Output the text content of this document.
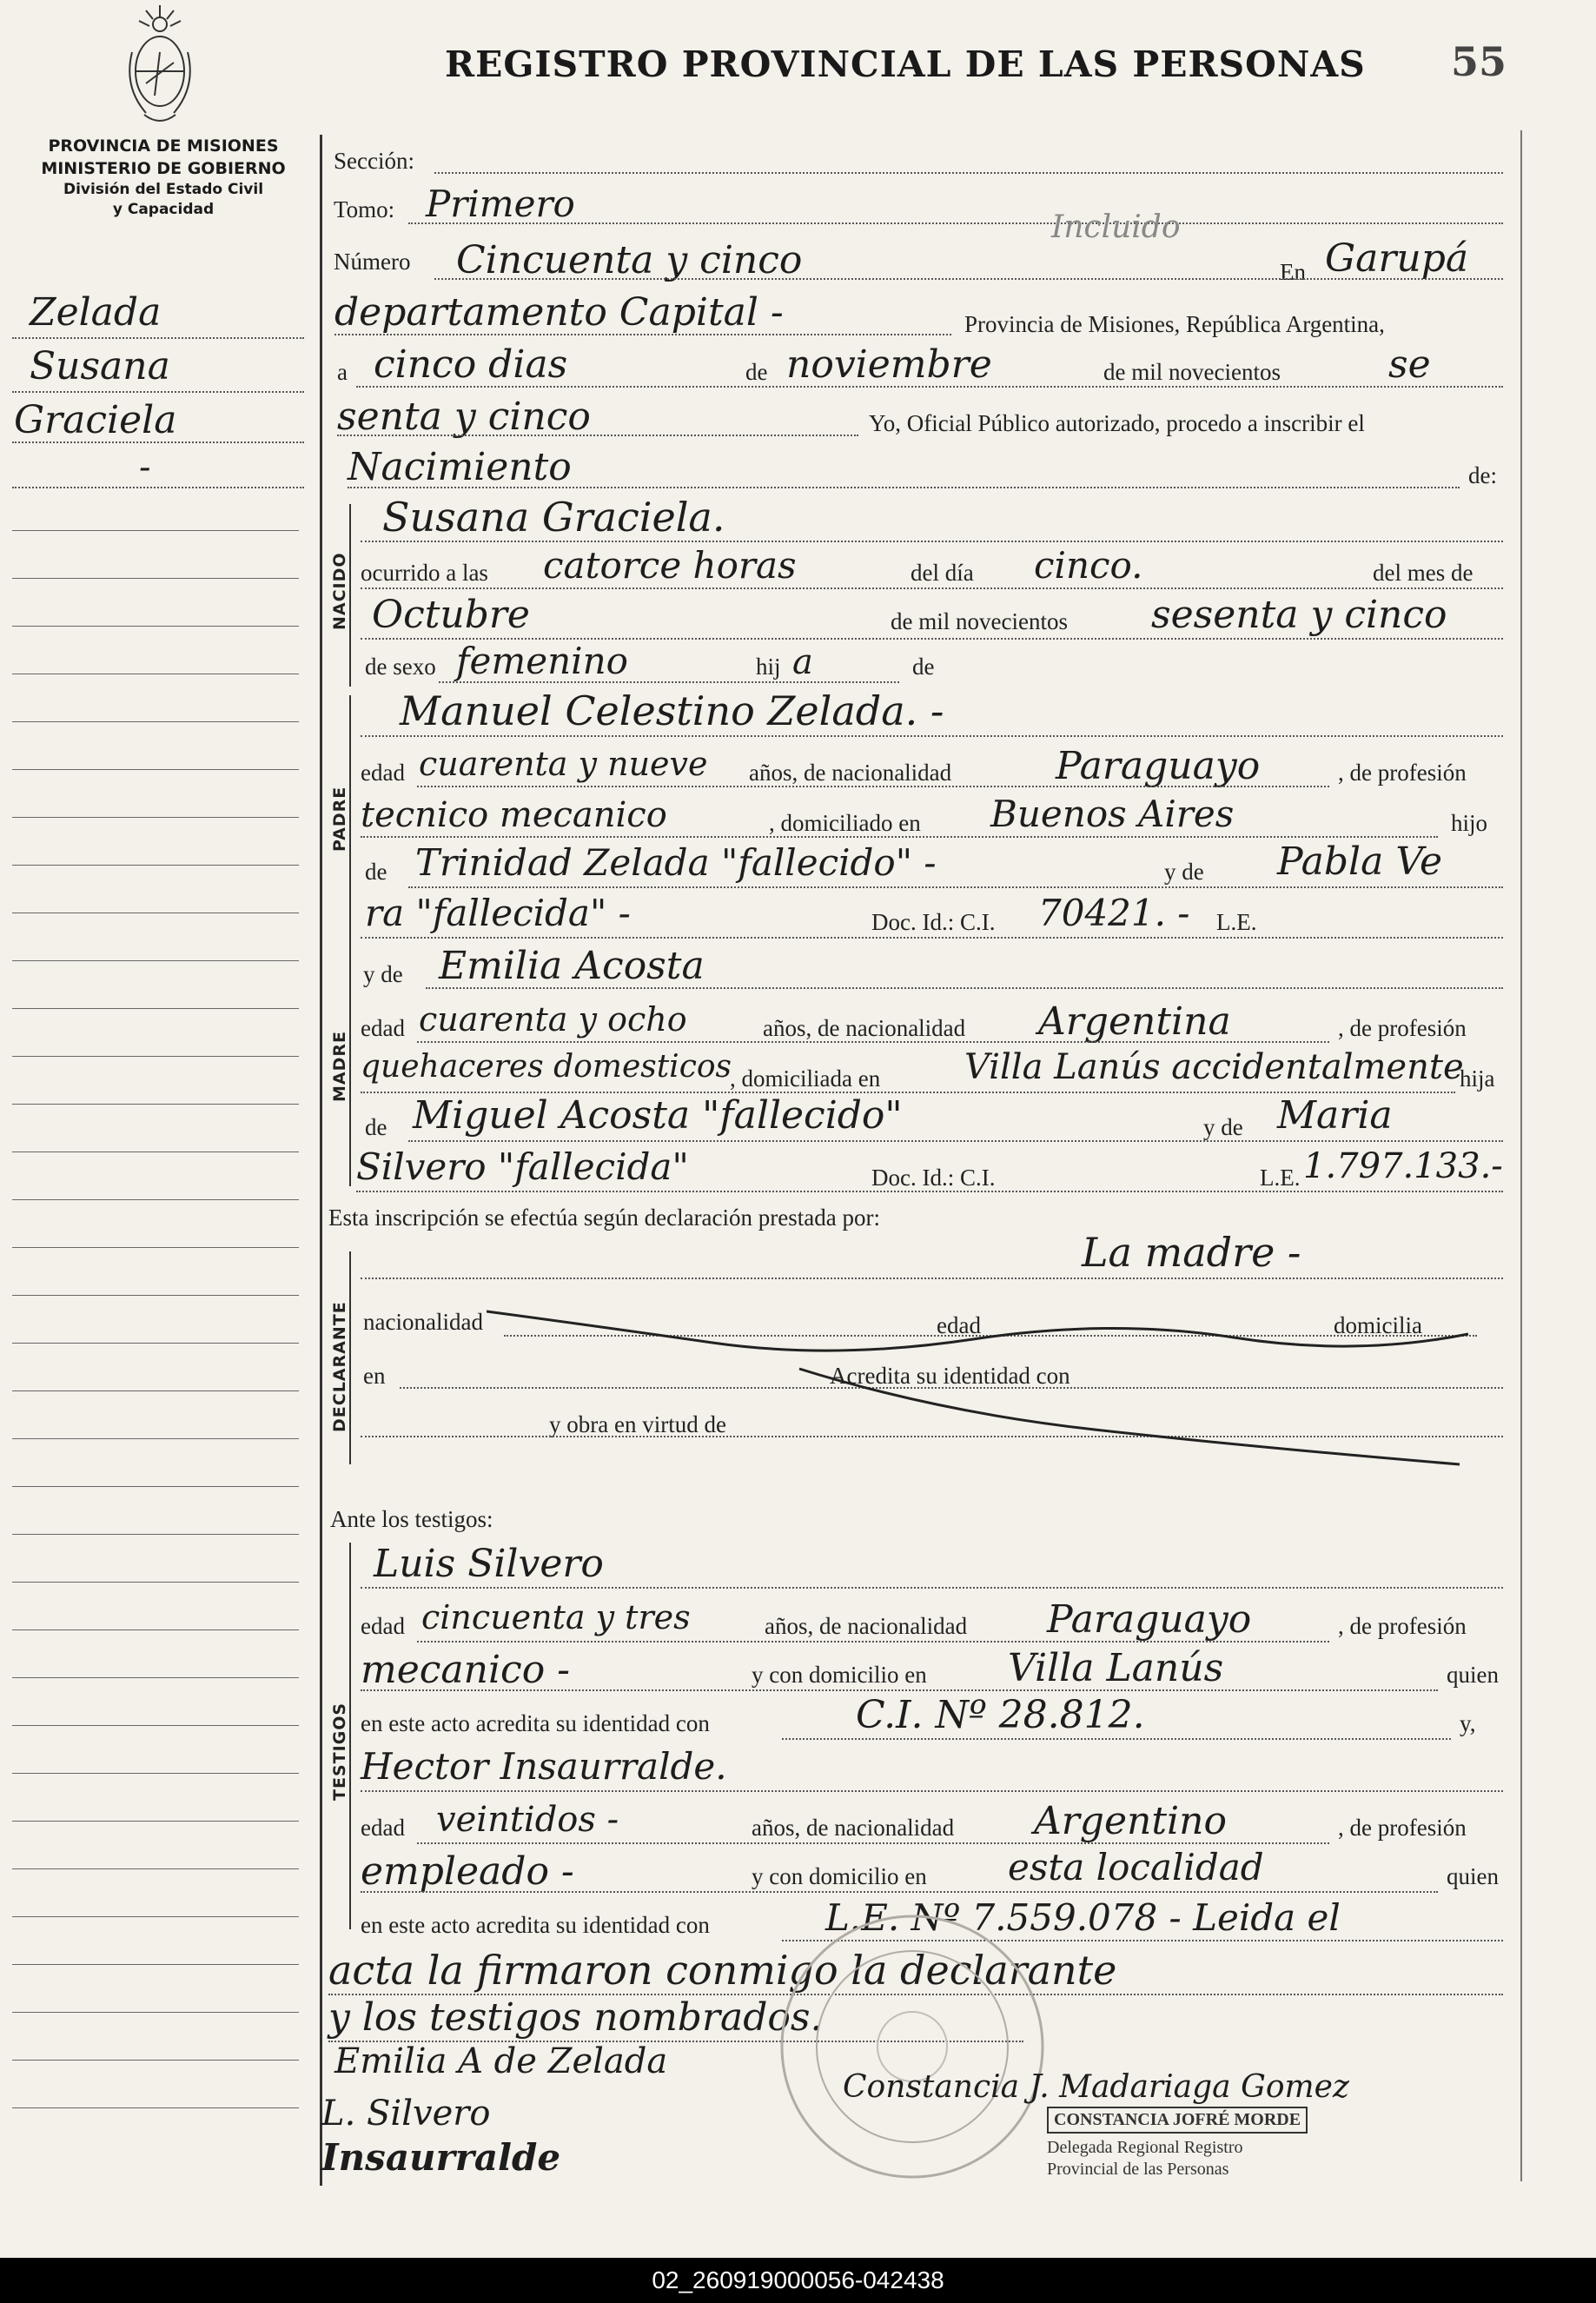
REGISTRO PROVINCIAL DE LAS PERSONAS 55
PROVINCIA DE MISIONES
MINISTERIO DE GOBIERNO
División del Estado Civil
y Capacidad
Zelada
Susana
Graciela
-
Sección:
Tomo: Primero
Número Cincuenta y cinco
Incluido
En Garupá
departamento Capital -	Provincia de Misiones, República Argentina,
a cinco dias	de noviembre	de mil novecientos	se
senta y cinco	Yo, Oficial Público autorizado, procedo a inscribir el
Nacimiento	de:
NACIDO
Susana Graciela.
ocurrido a las catorce horas	del día cinco.	del mes de
Octubre	de mil novecientos sesenta y cinco
de sexo femenino	hij a	de
PADRE
Manuel Celestino Zelada. -
edad cuarenta y nueve años, de nacionalidad	Paraguayo	, de profesión
tecnico mecanico	, domiciliado en Buenos Aires	hijo
de Trinidad Zelada "fallecido" -	y de Pabla Ve
ra "fallecida" -	Doc. Id.: C.I. 70421. - L.E.
y de Emilia Acosta
MADRE
edad cuarenta y ocho	años, de nacionalidad Argentina	, de profesión
quehaceres domesticos
, domiciliada en Villa Lanús accidentalmente
hija
de Miguel Acosta "fallecido"	y de Maria
Silvero "fallecida"	Doc. Id.: C.I.	L.E. 1.797.133.-
Esta inscripción se efectúa según declaración prestada por:
DECLARANTE
La madre -
nacionalidad	edad	domicilia
en	Acredita su identidad con
y obra en virtud de
Ante los testigos:
TESTIGOS
Luis Silvero
edad cincuenta y tres	años, de nacionalidad Paraguayo	, de profesión
mecanico -	y con domicilio en Villa Lanús	quien
en este acto acredita su identidad con	C.I. Nº 28.812.	y,
Hector Insaurralde.
edad veintidos -	años, de nacionalidad Argentino	, de profesión
empleado -	y con domicilio en esta localidad	quien
en este acto acredita su identidad con	L.E. Nº 7.559.078 - Leida el
acta la firmaron conmigo la declarante
y los testigos nombrados.
Emilia A de Zelada
L. Silvero
Insaurralde
Constancia J. Madariaga Gomez
CONSTANCIA JOFRÉ MORDE
Delegada Regional Registro
Provincial de las Personas
02_260919000056-042438
